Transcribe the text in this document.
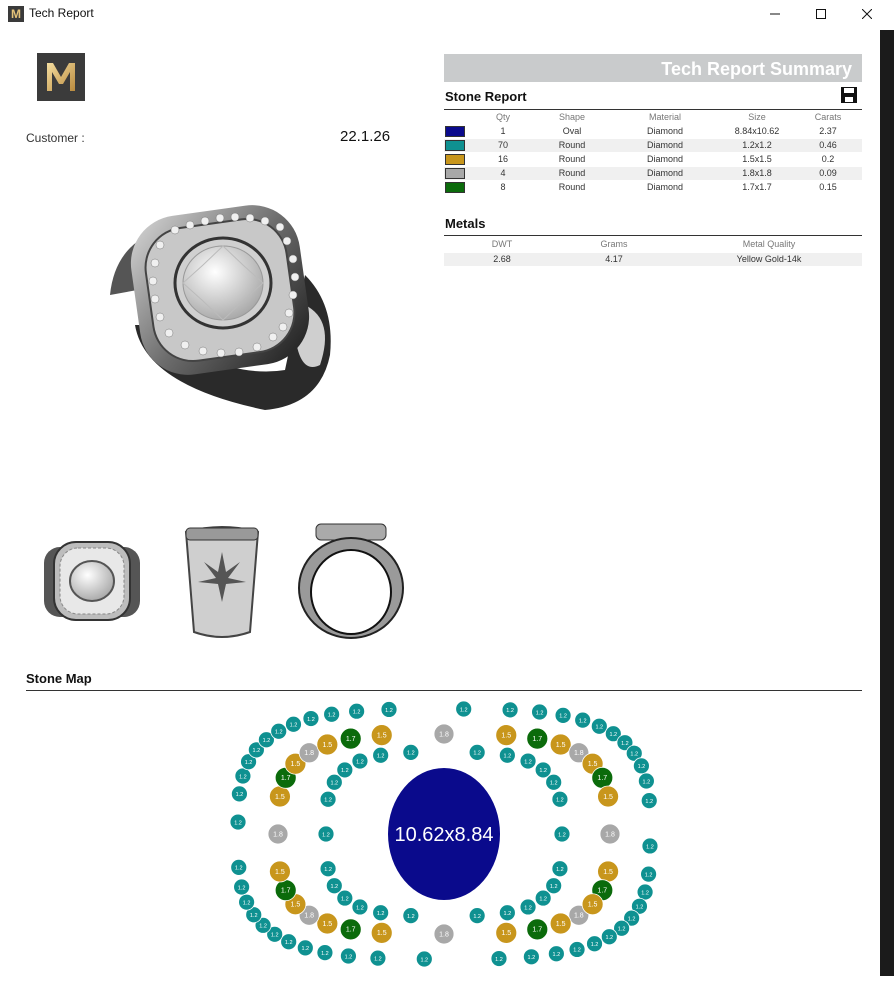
M Tech Report
Customer :	22.1.26
Tech Report Summary
Stone Report
Qty	Shape	Material	Size	Carats
1	Oval	Diamond	8.84x10.62	2.37
70	Round	Diamond	1.2x1.2	0.46
16	Round	Diamond	1.5x1.5	0.2
4	Round	Diamond	1.8x1.8	0.09
8	Round	Diamond	1.7x1.7	0.15
Metals
DWT	Grams	Metal Quality
2.68	4.17	Yellow Gold-14k
Stone Map
1.2
1.2
1.2
1.2
1.2
1.2
1.2
1.2
1.2
1.2
1.2
1.2
1.2
1.2
1.2
1.2
1.2
1.2
1.2
1.2
1.2
1.2
1.2
1.2
1.2
1.2
1.2
1.2
1.2
1.2
1.2
1.2
1.2
1.2
1.2	1.2	1.2	1.2	1.2
1.2
1.2
1.2
1.2
1.2
1.2
1.2
1.2
1.2
1.8
1.5
1.7
1.5
1.8
1.5
1.7
1.5
1.8
1.5
1.7
1.5
1.8
1.5
1.7
1.5
1.8
1.5
1.7	1.5	1.8	1.5	1.7
1.5
1.8
1.5
1.7
1.5
1.8
1.5
1.7
1.5
1.2
1.2
1.2
1.2
1.2
1.2
1.2
1.2
1.2
1.2
1.2
1.2
1.2
1.2
1.2
1.2
1.2
1.2
1.2	1.2	1.2	1.2
1.2
1.2
1.2
1.2
10.62x8.84
